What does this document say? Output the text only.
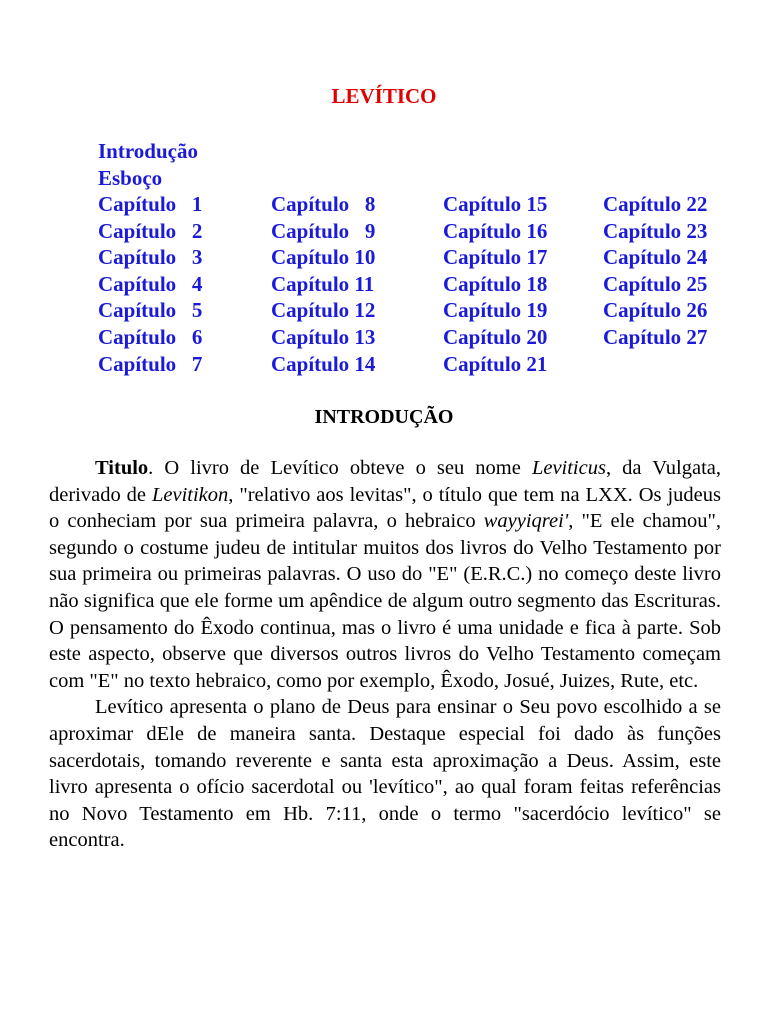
LEVÍTICO
Introdução
Esboço
Capítulo   1
Capítulo   2
Capítulo   3
Capítulo   4
Capítulo   5
Capítulo   6
Capítulo   7
Capítulo   8
Capítulo   9
Capítulo 10
Capítulo 11
Capítulo 12
Capítulo 13
Capítulo 14
Capítulo 15
Capítulo 16
Capítulo 17
Capítulo 18
Capítulo 19
Capítulo 20
Capítulo 21
Capítulo 22
Capítulo 23
Capítulo 24
Capítulo 25
Capítulo 26
Capítulo 27
INTRODUÇÃO

Titulo. O livro de Levítico obteve o seu nome Leviticus, da Vulgata, derivado de Levitikon, "relativo aos levitas", o título que tem na LXX. Os judeus o conheciam por sua primeira palavra, o hebraico wayyiqrei', "E ele chamou", segundo o costume judeu de intitular muitos dos livros do Velho Testamento por sua primeira ou primeiras palavras. O uso do "E" (E.R.C.) no começo deste livro não significa que ele forme um apêndice de algum outro segmento das Escrituras. O pensamento do Êxodo continua, mas o livro é uma unidade e fica à parte. Sob este aspecto, observe que diversos outros livros do Velho Testamento começam com "E" no texto hebraico, como por exemplo, Êxodo, Josué, Juizes, Rute, etc.

Levítico apresenta o plano de Deus para ensinar o Seu povo escolhido a se aproximar dEle de maneira santa. Destaque especial foi dado às funções sacerdotais, tomando reverente e santa esta aproximação a Deus. Assim, este livro apresenta o ofício sacerdotal ou 'levítico", ao qual foram feitas referências no Novo Testamento em Hb. 7:11, onde o termo "sacerdócio levítico" se encontra.
